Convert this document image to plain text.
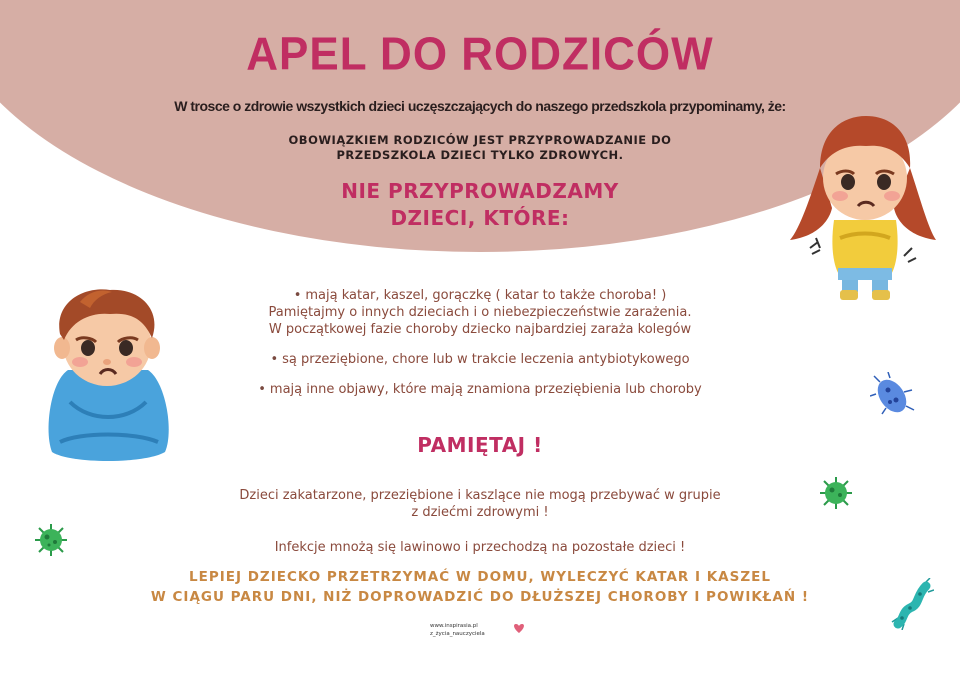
APEL DO RODZICÓW
W trosce o zdrowie wszystkich dzieci uczęszczających do naszego przedszkola przypominamy, że:
OBOWIĄZKIEM RODZICÓW JEST PRZYPROWADZANIE DO
PRZEDSZKOLA DZIECI TYLKO ZDROWYCH.
NIE PRZYPROWADZAMY
DZIECI, KTÓRE:
• mają katar, kaszel, gorączkę ( katar to także choroba! )
Pamiętajmy o innych dzieciach i o niebezpieczeństwie zarażenia.
W początkowej fazie choroby dziecko najbardziej zaraża kolegów
• są przeziębione, chore lub w trakcie leczenia antybiotykowego
• mają inne objawy, które mają znamiona przeziębienia lub choroby
PAMIĘTAJ !
Dzieci zakatarzone, przeziębione i kaszlące nie mogą przebywać w grupie
z dziećmi zdrowymi !
Infekcje mnożą się lawinowo i przechodzą na pozostałe dzieci !
LEPIEJ DZIECKO PRZETRZYMAĆ W DOMU, WYLECZYĆ KATAR I KASZEL
W CIĄGU PARU DNI, NIŻ DOPROWADZIĆ DO DŁUŻSZEJ CHOROBY I POWIKŁAŃ !
www.inspirasia.pl
z_życia_nauczyciela
